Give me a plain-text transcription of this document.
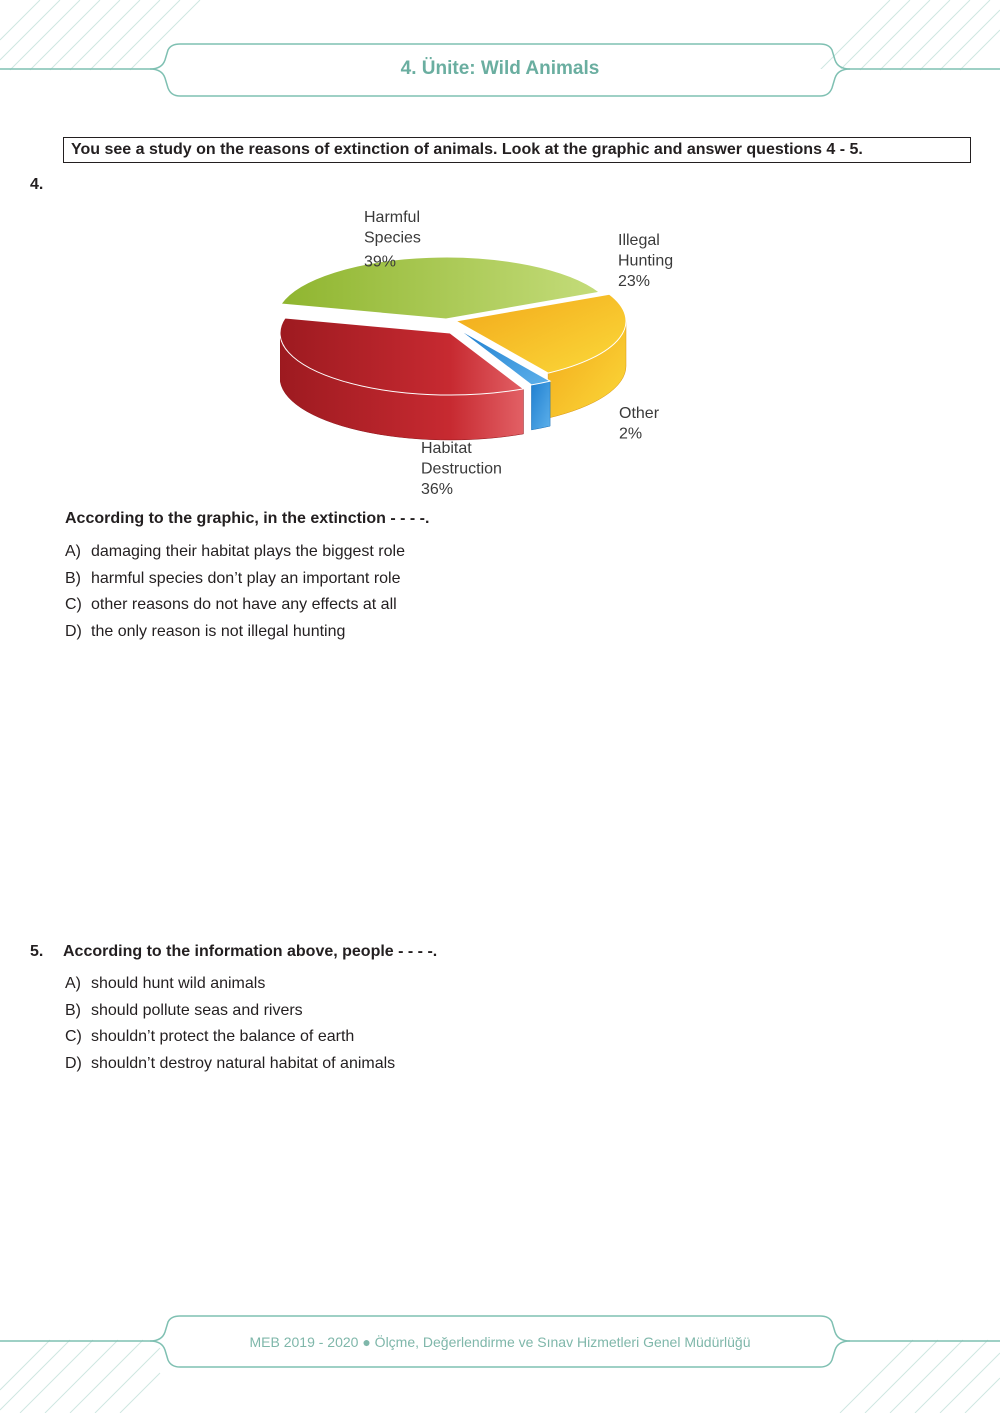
4. Ünite: Wild Animals
You see a study on the reasons of extinction of animals. Look at the graphic and answer questions 4 - 5.
4.
Harmful Species 39%
Illegal Hunting 23%
Other 2%
Habitat Destruction 36%
According to the graphic, in the extinction - - - -.
A) damaging their habitat plays the biggest role
B) harmful species don’t play an important role
C) other reasons do not have any effects at all
D) the only reason is not illegal hunting
5. According to the information above, people - - - -.
A) should hunt wild animals
B) should pollute seas and rivers
C) shouldn’t protect the balance of earth
D) shouldn’t destroy natural habitat of animals
MEB 2019 - 2020 ● Ölçme, Değerlendirme ve Sınav Hizmetleri Genel Müdürlüğü
